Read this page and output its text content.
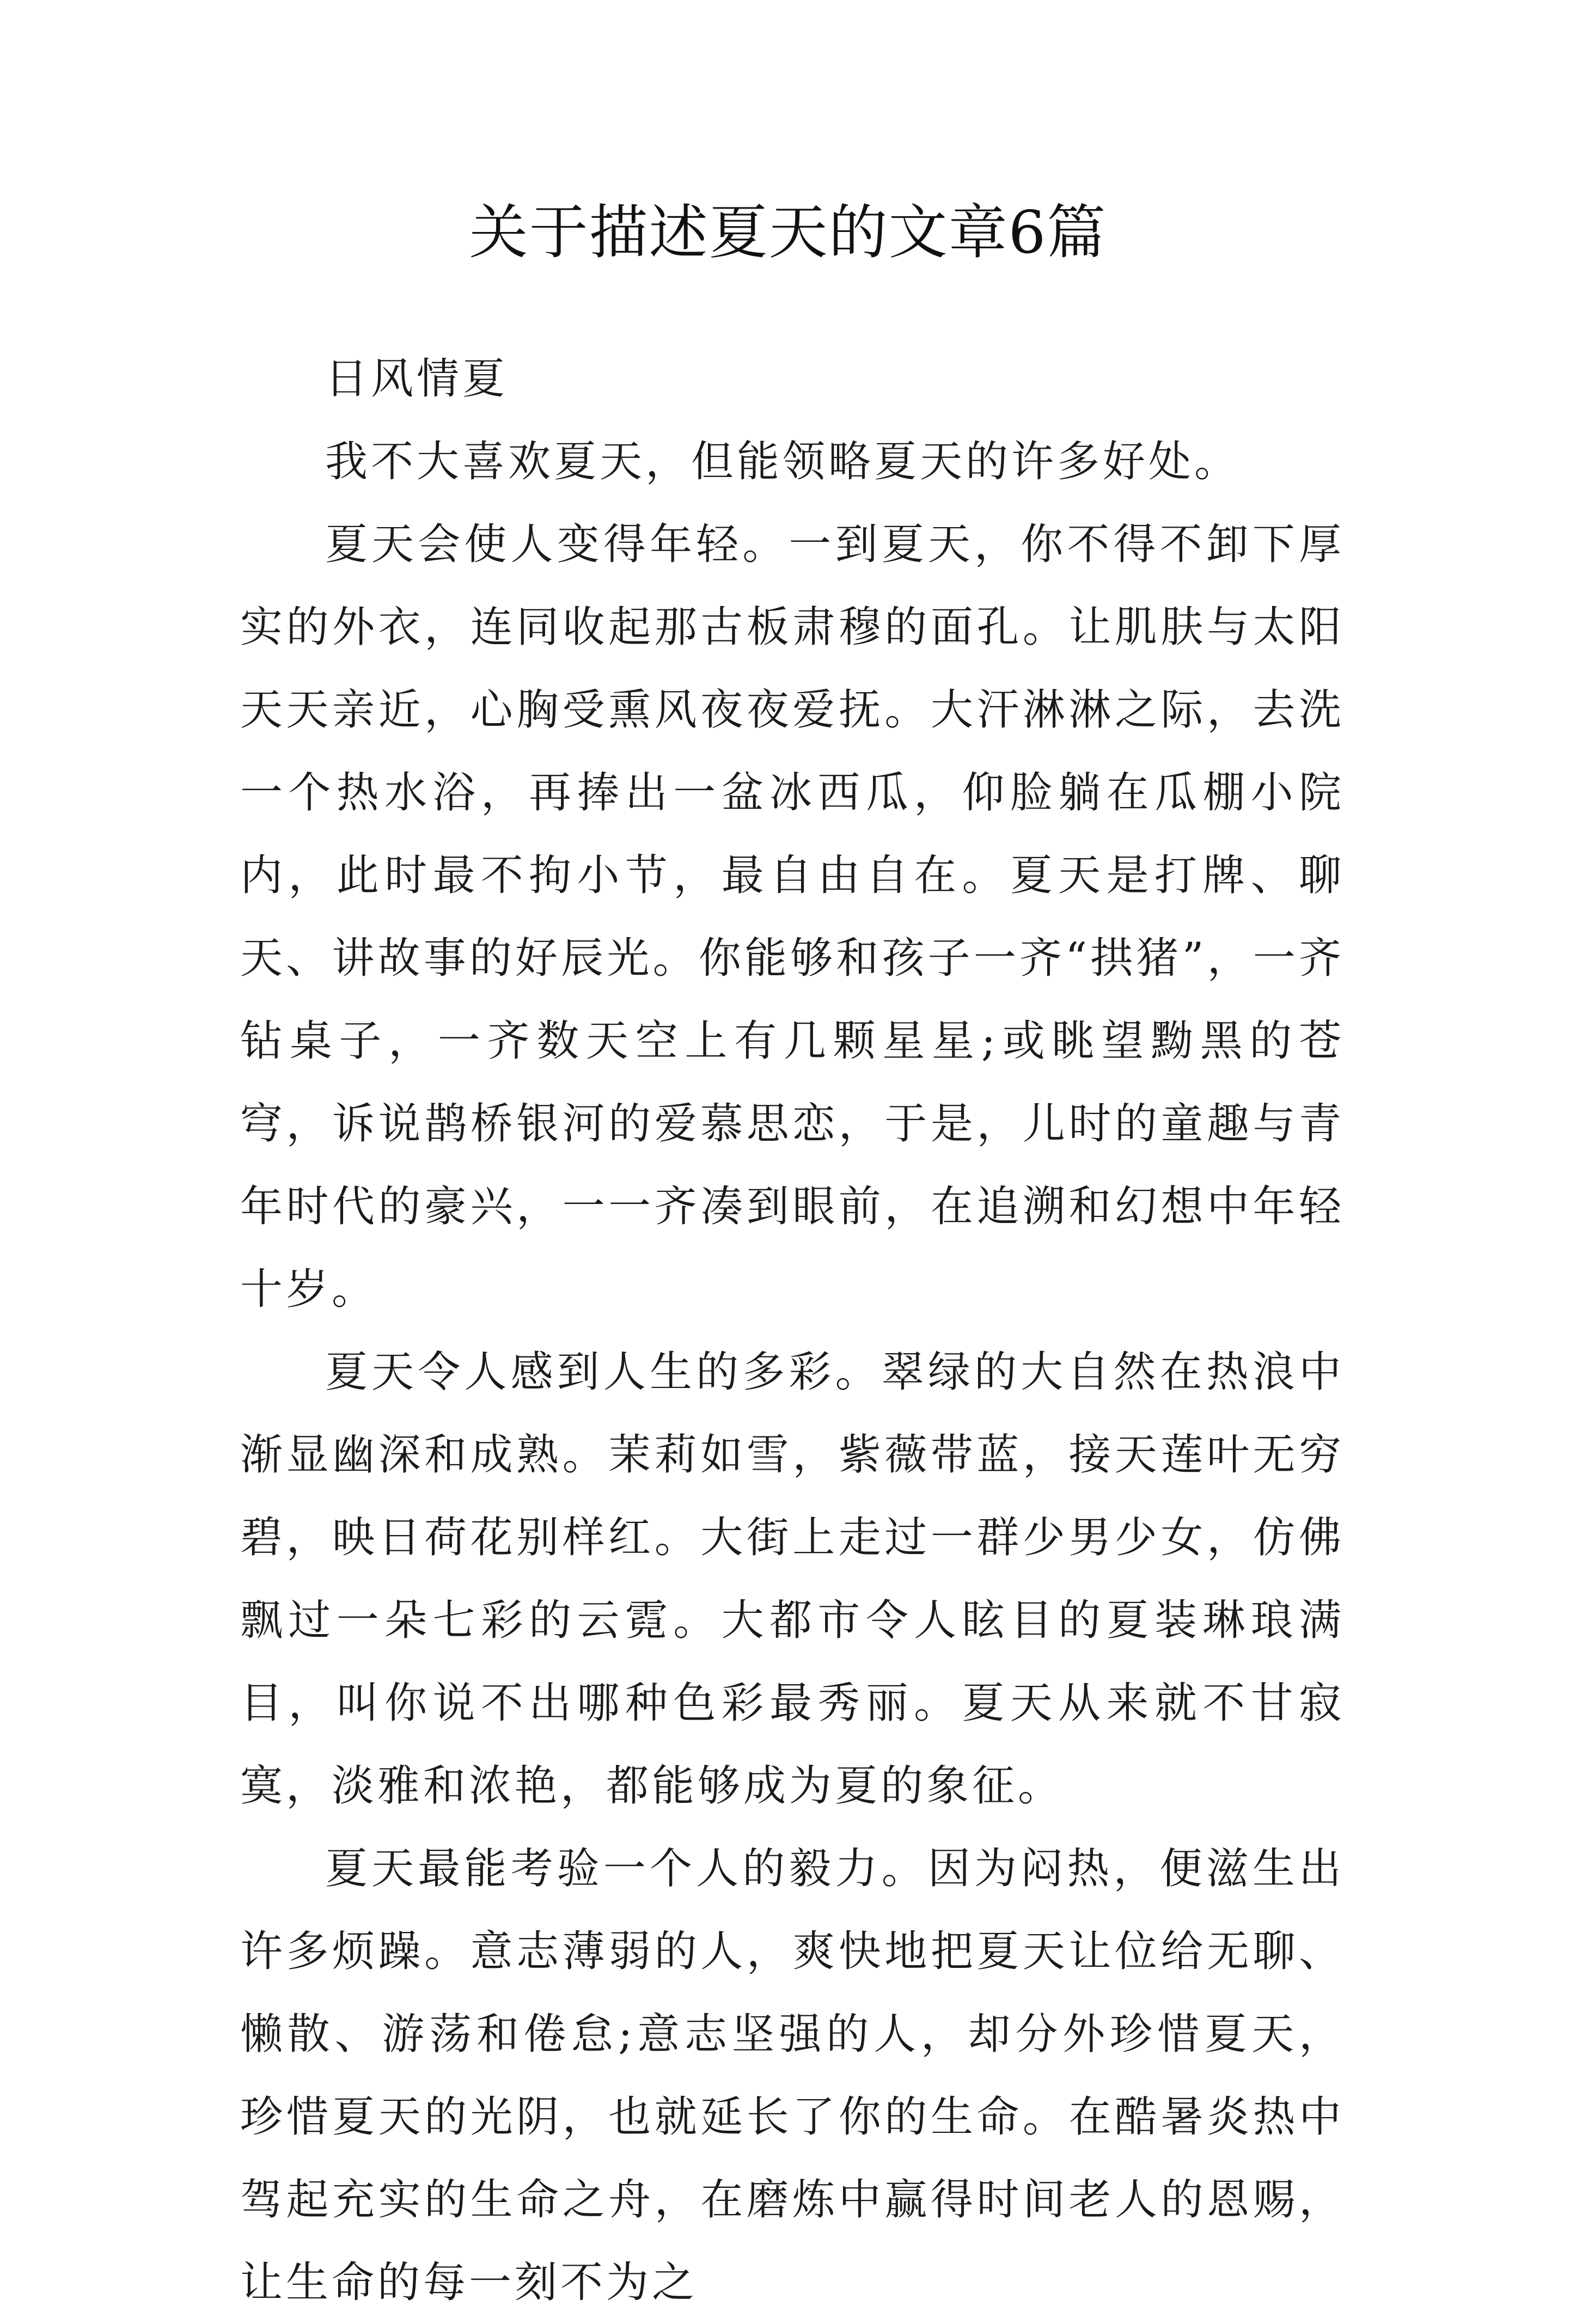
关于描述夏天的文章6篇

日风情夏

我不大喜欢夏天，但能领略夏天的许多好处。

夏天会使人变得年轻。一到夏天，你不得不卸下厚实的外衣，连同收起那古板肃穆的面孔。让肌肤与太阳天天亲近，心胸受熏风夜夜爱抚。大汗淋淋之际，去洗一个热水浴，再捧出一盆冰西瓜，仰脸躺在瓜棚小院内，此时最不拘小节，最自由自在。夏天是打牌、聊天、讲故事的好辰光。你能够和孩子一齐“拱猪”，一齐钻桌子，一齐数天空上有几颗星星;或眺望黝黑的苍穹，诉说鹊桥银河的爱慕思恋，于是，儿时的童趣与青年时代的豪兴，一一齐凑到眼前，在追溯和幻想中年轻十岁。

夏天令人感到人生的多彩。翠绿的大自然在热浪中渐显幽深和成熟。茉莉如雪，紫薇带蓝，接天莲叶无穷碧，映日荷花别样红。大街上走过一群少男少女，仿佛飘过一朵七彩的云霓。大都市令人眩目的夏装琳琅满目，叫你说不出哪种色彩最秀丽。夏天从来就不甘寂寞，淡雅和浓艳，都能够成为夏的象征。

夏天最能考验一个人的毅力。因为闷热，便滋生出许多烦躁。意志薄弱的人，爽快地把夏天让位给无聊、懒散、游荡和倦怠;意志坚强的人，却分外珍惜夏天，珍惜夏天的光阴，也就延长了你的生命。在酷暑炎热中驾起充实的生命之舟，在磨炼中赢得时间老人的恩赐，让生命的每一刻不为之
